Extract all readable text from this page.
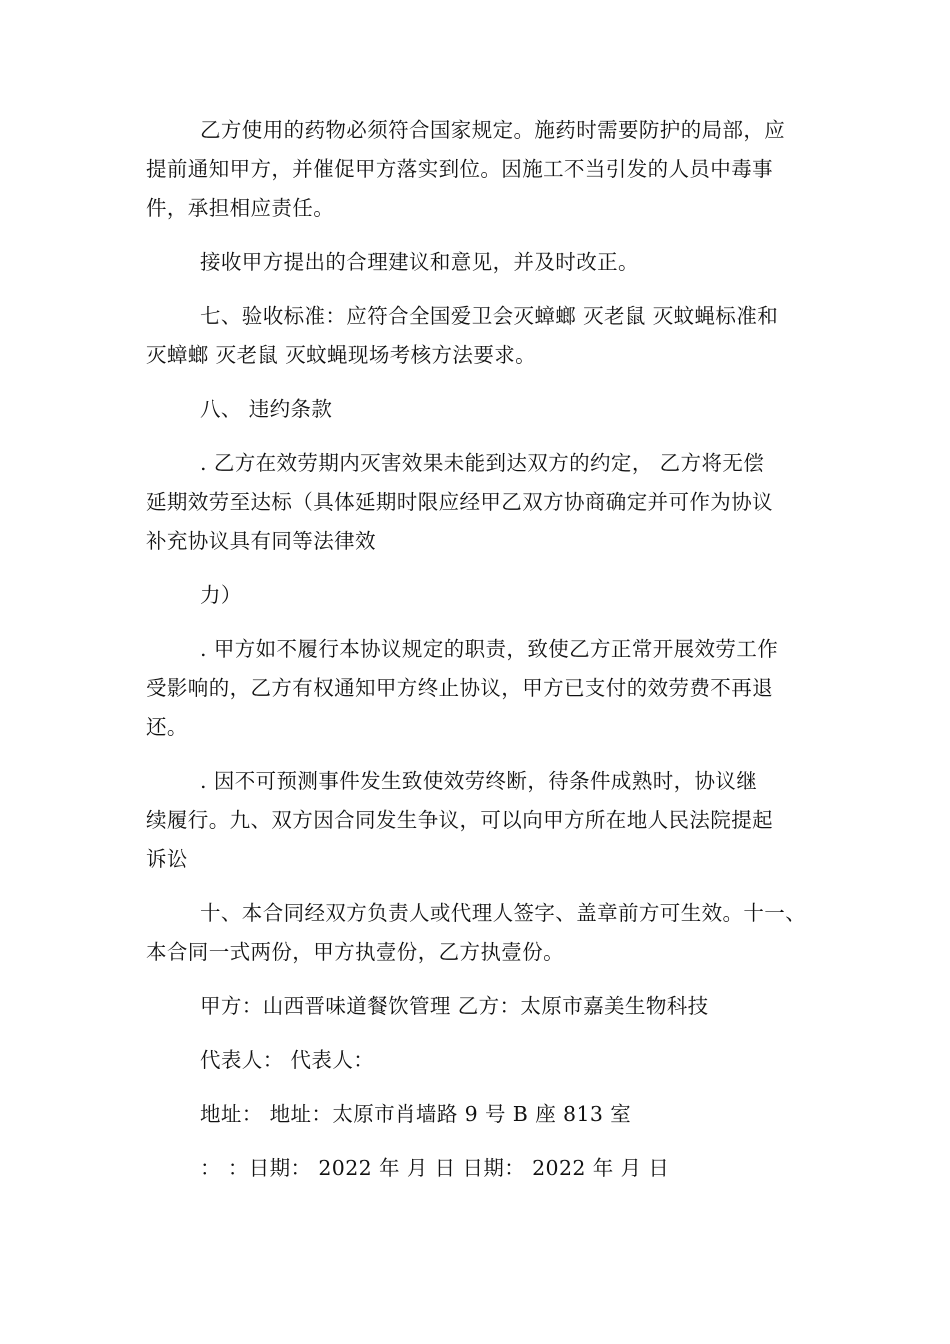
乙方使用的药物必须符合国家规定。施药时需要防护的局部，应
提前通知甲方，并催促甲方落实到位。因施工不当引发的人员中毒事
件，承担相应责任。
接收甲方提出的合理建议和意见，并及时改正。
七、验收标准：应符合全国爱卫会灭蟑螂 灭老鼠 灭蚊蝇标准和
灭蟑螂 灭老鼠 灭蚊蝇现场考核方法要求。
八、 违约条款
. 乙方在效劳期内灭害效果未能到达双方的约定， 乙方将无偿
延期效劳至达标（具体延期时限应经甲乙双方协商确定并可作为协议
补充协议具有同等法律效
力）
. 甲方如不履行本协议规定的职责，致使乙方正常开展效劳工作
受影响的，乙方有权通知甲方终止协议，甲方已支付的效劳费不再退
还。
. 因不可预测事件发生致使效劳终断，待条件成熟时，协议继
续履行。九、双方因合同发生争议，可以向甲方所在地人民法院提起
诉讼
十、本合同经双方负责人或代理人签字、盖章前方可生效。十一、
本合同一式两份，甲方执壹份，乙方执壹份。
甲方：山西晋味道餐饮管理 乙方：太原市嘉美生物科技
代表人： 代表人：
地址： 地址：太原市肖墙路 9 号 B 座 813 室
： ：日期： 2022 年 月 日 日期： 2022 年 月 日
